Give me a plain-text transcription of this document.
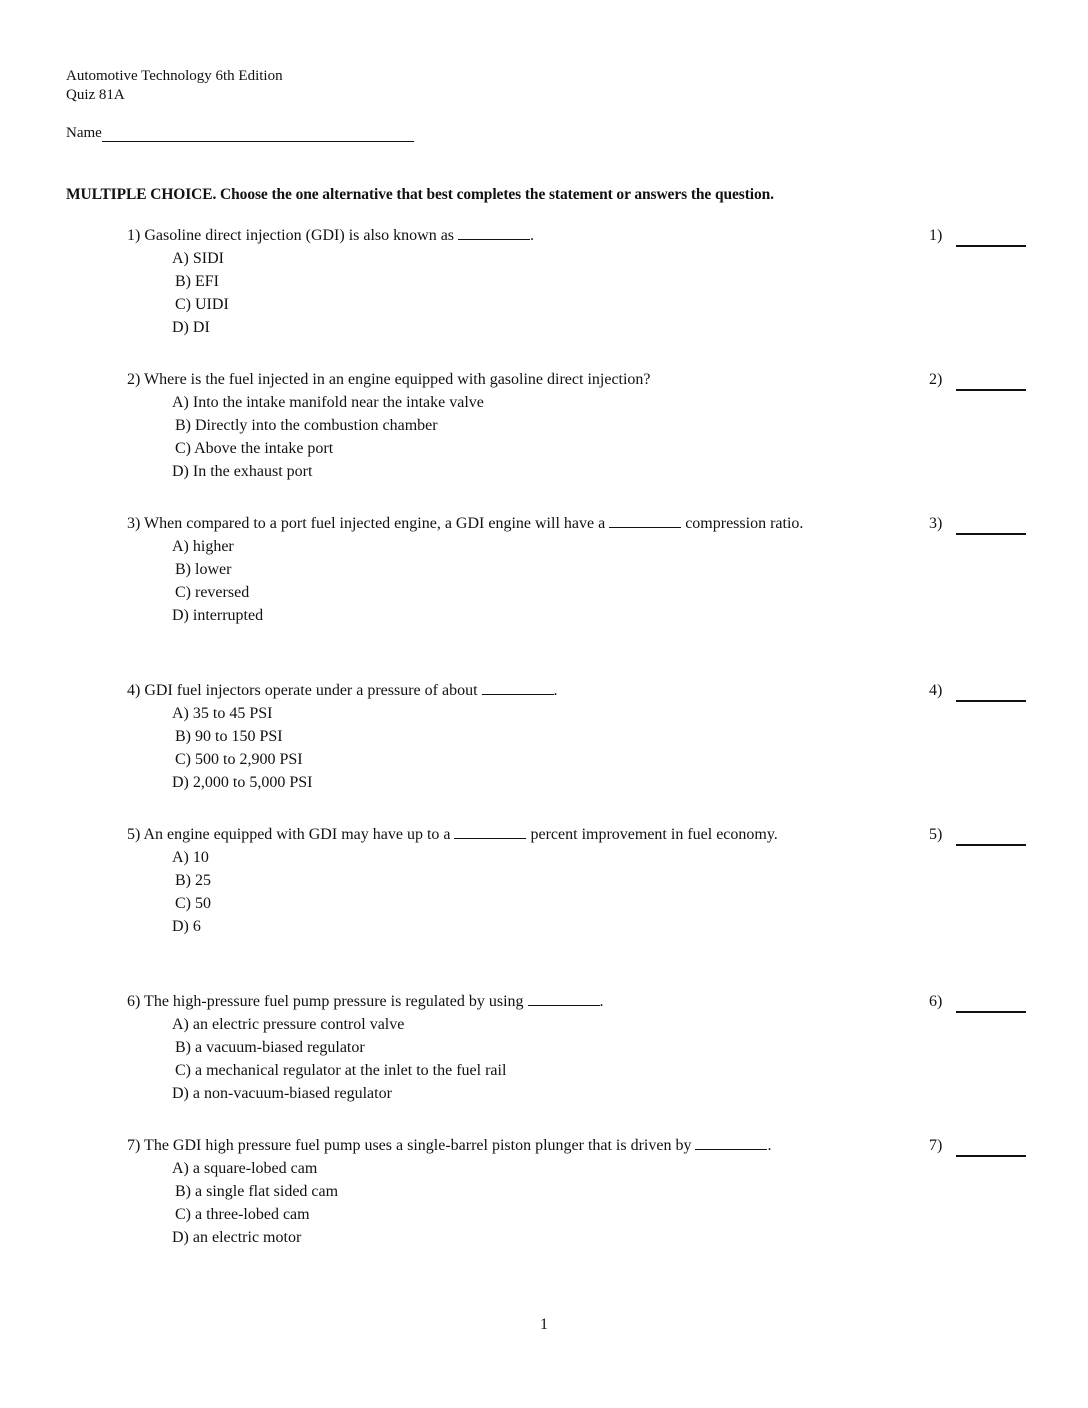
Automotive Technology 6th Edition
Quiz 81A
Name
MULTIPLE CHOICE. Choose the one alternative that best completes the statement or answers the question.
1) Gasoline direct injection (GDI) is also known as	.
A) SIDI
B) EFI
C) UIDI
D) DI
1)
2) Where is the fuel injected in an engine equipped with gasoline direct injection?
A) Into the intake manifold near the intake valve
B) Directly into the combustion chamber
C) Above the intake port
D) In the exhaust port
2)
3) When compared to a port fuel injected engine, a GDI engine will have a	compression ratio.
A) higher
B) lower
C) reversed
D) interrupted
3)
4) GDI fuel injectors operate under a pressure of about	.
A) 35 to 45 PSI
B) 90 to 150 PSI
C) 500 to 2,900 PSI
D) 2,000 to 5,000 PSI
4)
5) An engine equipped with GDI may have up to a	percent improvement in fuel economy.
A) 10
B) 25
C) 50
D) 6
5)
6) The high-pressure fuel pump pressure is regulated by using	.
A) an electric pressure control valve
B) a vacuum-biased regulator
C) a mechanical regulator at the inlet to the fuel rail
D) a non-vacuum-biased regulator
6)
7) The GDI high pressure fuel pump uses a single-barrel piston plunger that is driven by	.
A) a square-lobed cam
B) a single flat sided cam
C) a three-lobed cam
D) an electric motor
7)
1
